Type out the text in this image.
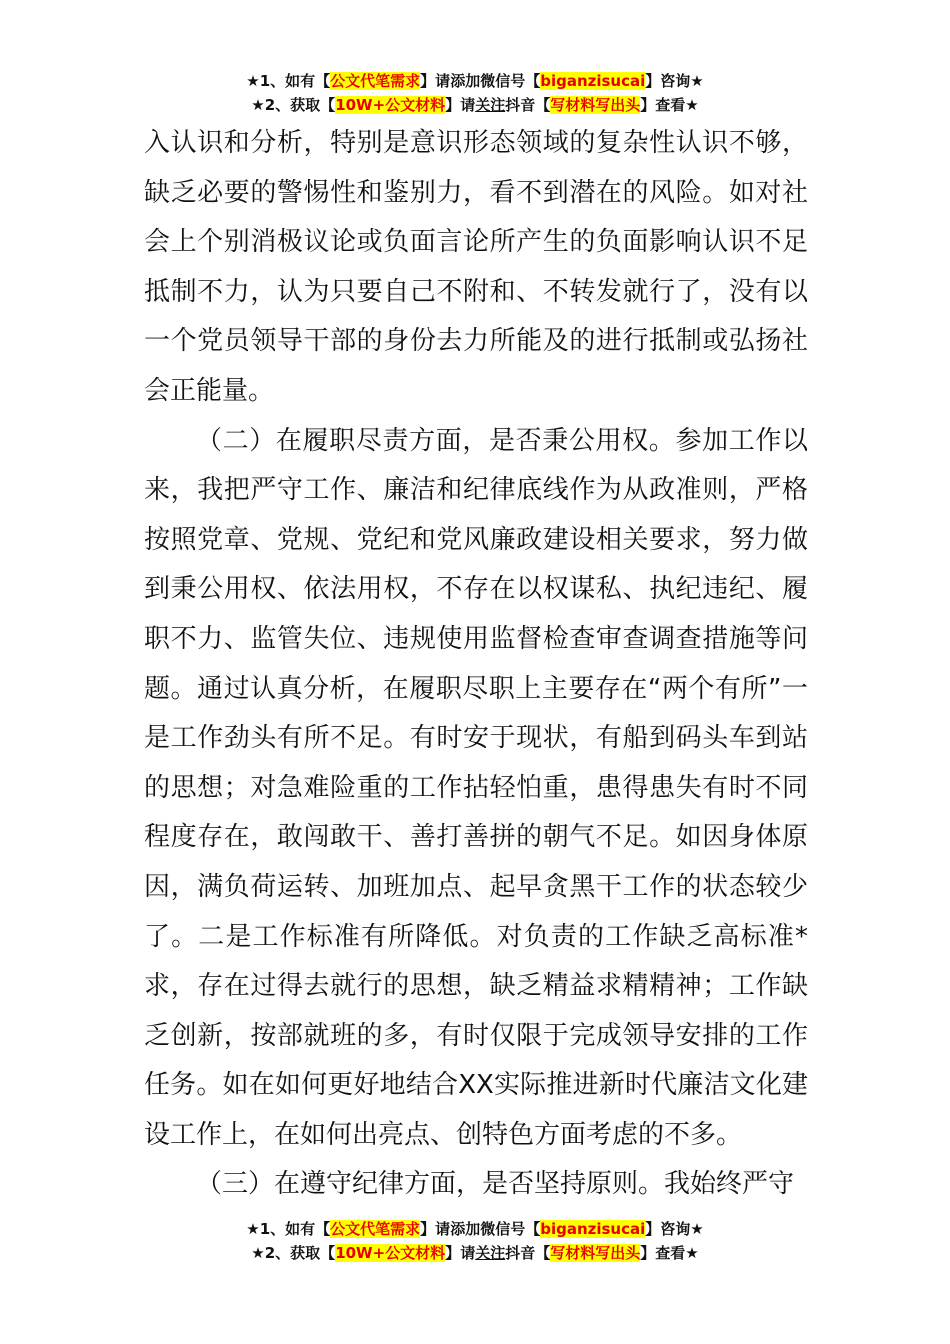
★1、如有【公文代笔需求】请添加微信号【biganzisucai】咨询★
★2、获取【10W+公文材料】请关注抖音【写材料写出头】查看★

入认识和分析，特别是意识形态领域的复杂性认识不够，缺乏必要的警惕性和鉴别力，看不到潜在的风险。如对社会上个别消极议论或负面言论所产生的负面影响认识不足抵制不力，认为只要自己不附和、不转发就行了，没有以一个党员领导干部的身份去力所能及的进行抵制或弘扬社会正能量。

（二）在履职尽责方面，是否秉公用权。参加工作以来，我把严守工作、廉洁和纪律底线作为从政准则，严格按照党章、党规、党纪和党风廉政建设相关要求，努力做到秉公用权、依法用权，不存在以权谋私、执纪违纪、履职不力、监管失位、违规使用监督检查审查调查措施等问题。通过认真分析，在履职尽职上主要存在“两个有所”一是工作劲头有所不足。有时安于现状，有船到码头车到站的思想；对急难险重的工作拈轻怕重，患得患失有时不同程度存在，敢闯敢干、善打善拼的朝气不足。如因身体原因，满负荷运转、加班加点、起早贪黑干工作的状态较少了。二是工作标准有所降低。对负责的工作缺乏高标准*求，存在过得去就行的思想，缺乏精益求精精神；工作缺乏创新，按部就班的多，有时仅限于完成领导安排的工作任务。如在如何更好地结合XX实际推进新时代廉洁文化建设工作上，在如何出亮点、创特色方面考虑的不多。

（三）在遵守纪律方面，是否坚持原则。我始终严守

★1、如有【公文代笔需求】请添加微信号【biganzisucai】咨询★
★2、获取【10W+公文材料】请关注抖音【写材料写出头】查看★
